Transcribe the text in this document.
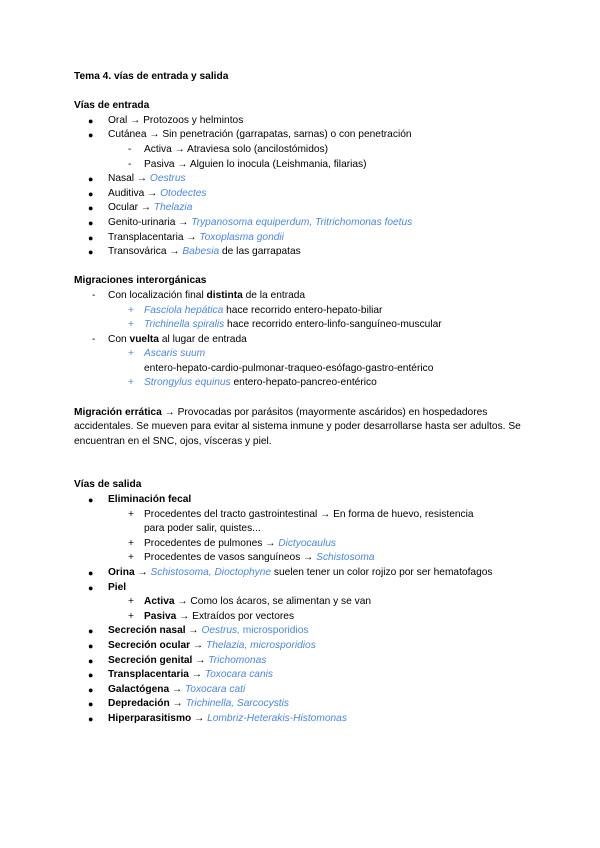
Tema 4. vías de entrada y salida
Vías de entrada
● Oral → Protozoos y helmintos
● Cutánea → Sin penetración (garrapatas, sarnas) o con penetración
- Activa → Atraviesa solo (ancilostómidos)
- Pasiva → Alguien lo inocula (Leishmania, filarias)
● Nasal → Oestrus
● Auditiva → Otodectes
● Ocular → Thelazia
● Genito-urinaria → Trypanosoma equiperdum, Tritrichomonas foetus
● Transplacentaria → Toxoplasma gondii
● Transovárica → Babesia de las garrapatas
Migraciones interorgánicas
- Con localización final distinta de la entrada
+ Fasciola hepática hace recorrido entero-hepato-biliar
+ Trichinella spiralis hace recorrido entero-linfo-sanguíneo-muscular
- Con vuelta al lugar de entrada
+ Ascaris suum
entero-hepato-cardio-pulmonar-traqueo-esófago-gastro-entérico
+ Strongylus equinus entero-hepato-pancreo-entérico
Migración errática → Provocadas por parásitos (mayormente ascáridos) en hospedadores accidentales. Se mueven para evitar al sistema inmune y poder desarrollarse hasta ser adultos. Se encuentran en el SNC, ojos, vísceras y piel.
Vías de salida
● Eliminación fecal
+ Procedentes del tracto gastrointestinal → En forma de huevo, resistencia
para poder salir, quistes...
+ Procedentes de pulmones → Dictyocaulus
+ Procedentes de vasos sanguíneos → Schistosoma
● Orina → Schistosoma, Dioctophyne suelen tener un color rojizo por ser hematofagos
● Piel
+ Activa → Como los ácaros, se alimentan y se van
+ Pasiva → Extraídos por vectores
● Secreción nasal → Oestrus, microsporidios
● Secreción ocular → Thelazia, microsporidios
● Secreción genital → Trichomonas
● Transplacentaria → Toxocara canis
● Galactógena → Toxocara cati
● Depredación → Trichinella, Sarcocystis
● Hiperparasitismo → Lombriz-Heterakis-Histomonas
